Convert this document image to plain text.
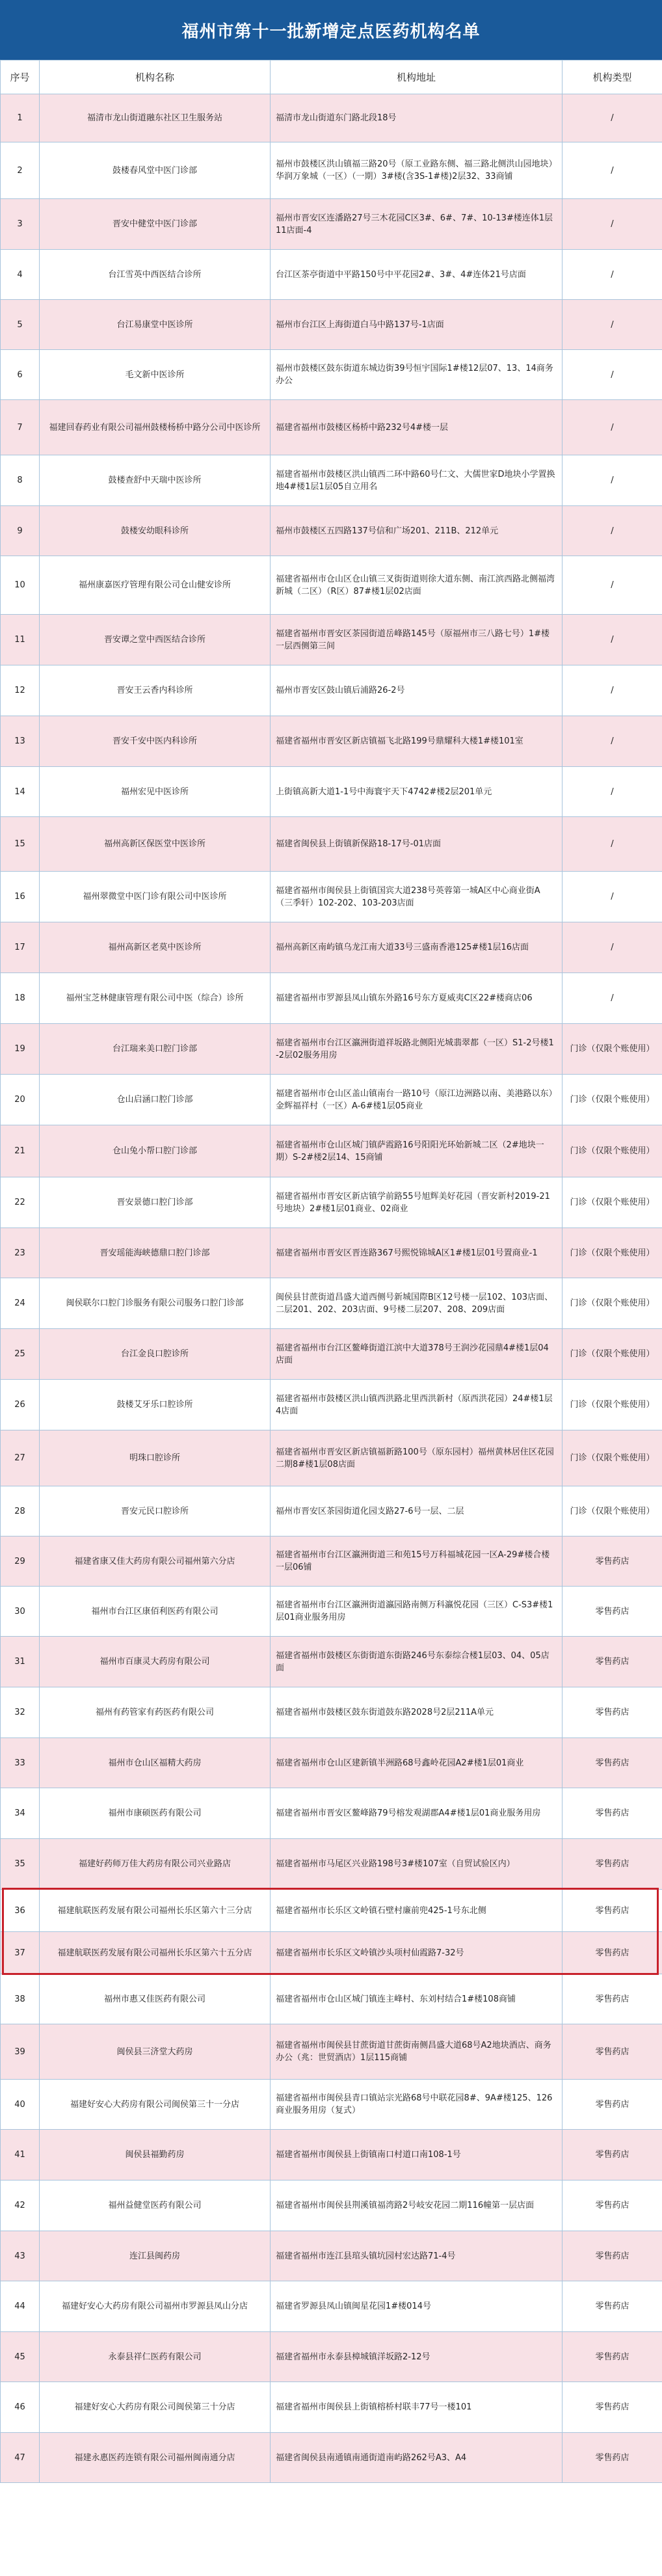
福州市第十一批新增定点医药机构名单
序号	机构名称	机构地址	机构类型
1	福清市龙山街道融东社区卫生服务站	福清市龙山街道东门路北段18号	/
2	鼓楼春风堂中医门诊部	福州市鼓楼区洪山镇福三路20号（原工业路东侧、福三路北侧洪山园地块）华润万象城（一区）（一期）3#楼(含3S-1#楼)2层32、33商铺	/
3	晋安中健堂中医门诊部	福州市晋安区连潘路27号三木花园C区3#、6#、7#、10-13#楼连体1层11店面-4	/
4	台江雪英中西医结合诊所	台江区茶亭街道中平路150号中平花园2#、3#、4#连体21号店面	/
5	台江易康堂中医诊所	福州市台江区上海街道白马中路137号-1店面	/
6	毛文新中医诊所	福州市鼓楼区鼓东街道东城边街39号恒宇国际1#楼12层07、13、14商务办公	/
7	福建回春药业有限公司福州鼓楼杨桥中路分公司中医诊所	福建省福州市鼓楼区杨桥中路232号4#楼一层	/
8	鼓楼查舒中天瑞中医诊所	福建省福州市鼓楼区洪山镇西二环中路60号仁文、大儒世家D地块小学置换地4#楼1层1层05自立用名	/
9	鼓楼安幼眼科诊所	福州市鼓楼区五四路137号信和广场201、211B、212单元	/
10	福州康嘉医疗管理有限公司仓山健安诊所	福建省福州市仓山区仓山镇三叉街街道则徐大道东侧、南江滨西路北侧福湾新城（二区）（R区）87#楼1层02店面	/
11	晋安谭之堂中西医结合诊所	福建省福州市晋安区茶园街道岳峰路145号（原福州市三八路七号）1#楼一层西侧第三间	/
12	晋安王云香内科诊所	福州市晋安区鼓山镇后浦路26-2号	/
13	晋安千安中医内科诊所	福建省福州市晋安区新店镇福飞北路199号鼎耀科大楼1#楼101室	/
14	福州宏见中医诊所	上街镇高新大道1-1号中海寰宇天下4742#楼2层201单元	/
15	福州高新区保医堂中医诊所	福建省闽侯县上街镇新保路18-17号-01店面	/
16	福州翠微堂中医门诊有限公司中医诊所	福建省福州市闽侯县上街镇国宾大道238号英蓉第一城A区中心商业街A（三季轩）102-202、103-203店面	/
17	福州高新区老莫中医诊所	福州高新区南屿镇乌龙江南大道33号三盛南香港125#楼1层16店面	/
18	福州宝芝林健康管理有限公司中医（综合）诊所	福建省福州市罗源县凤山镇东外路16号东方夏威夷C区22#楼商店06	/
19	台江瑞来美口腔门诊部	福建省福州市台江区瀛洲街道祥坂路北侧阳光城翡翠都（一区）S1-2号楼1-2层02服务用房	门诊（仅限个账使用）
20	仓山启涵口腔门诊部	福建省福州市仓山区盖山镇南台一路10号（原江边洲路以南、美港路以东）金辉福祥村（一区）A-6#楼1层05商业	门诊（仅限个账使用）
21	仓山兔小帮口腔门诊部	福建省福州市仓山区城门镇萨霞路16号阳阳光环始新城二区（2#地块一期）S-2#楼2层14、15商铺	门诊（仅限个账使用）
22	晋安景德口腔门诊部	福建省福州市晋安区新店镇学前路55号旭辉美好花园（晋安新村2019-21号地块）2#楼1层01商业、02商业	门诊（仅限个账使用）
23	晋安瑶能海峡德鼎口腔门诊部	福建省福州市晋安区晋连路367号熙悦锦城A区1#楼1层01号置商业-1	门诊（仅限个账使用）
24	闽侯联尔口腔门诊服务有限公司服务口腔门诊部	闽侯县甘蔗街道昌盛大道西侧号新城国際B区12号楼一层102、103店面、二层201、202、203店面、9号楼二层207、208、209店面	门诊（仅限个账使用）
25	台江金良口腔诊所	福建省福州市台江区鳌峰街道江滨中大道378号王润沙花园鼎4#楼1层04店面	门诊（仅限个账使用）
26	鼓楼艾牙乐口腔诊所	福建省福州市鼓楼区洪山镇西洪路北里西洪新村（原西洪花园）24#楼1层4店面	门诊（仅限个账使用）
27	明珠口腔诊所	福建省福州市晋安区新店镇福新路100号（原东园村）福州黄林居住区花园二期8#楼1层08店面	门诊（仅限个账使用）
28	晋安元民口腔诊所	福州市晋安区茶园街道化园支路27-6号一层、二层	门诊（仅限个账使用）
29	福建省康又佳大药房有限公司福州第六分店	福建省福州市台江区瀛洲街道三和苑15号万科福城花园一区A-29#楼合楼一层06铺	零售药店
30	福州市台江区康佰利医药有限公司	福建省福州市台江区瀛洲街道瀛园路南侧万科瀛悦花园（三区）C-S3#楼1层01商业服务用房	零售药店
31	福州市百康灵大药房有限公司	福建省福州市鼓楼区东街街道东街路246号东泰综合楼1层03、04、05店面	零售药店
32	福州有药管家有药医药有限公司	福建省福州市鼓楼区鼓东街道鼓东路2028号2层211A单元	零售药店
33	福州市仓山区福精大药房	福建省福州市仓山区建新镇半洲路68号鑫岭花园A2#楼1层01商业	零售药店
34	福州市康硕医药有限公司	福建省福州市晋安区鳌峰路79号榕发观湖郡A4#楼1层01商业服务用房	零售药店
35	福建好药师万佳大药房有限公司兴业路店	福建省福州市马尾区兴业路198号3#楼107室（自贸试验区内）	零售药店
36	福建航联医药发展有限公司福州长乐区第六十三分店	福建省福州市长乐区文岭镇石壁村廉前兜425-1号东北侧	零售药店
37	福建航联医药发展有限公司福州长乐区第六十五分店	福建省福州市长乐区文岭镇沙头项村仙霞路7-32号	零售药店
38	福州市惠又佳医药有限公司	福建省福州市仓山区城门镇连主峰村、东刘村结合1#楼108商铺	零售药店
39	闽侯县三济堂大药房	福建省福州市闽侯县甘蔗街道甘蔗街南侧昌盛大道68号A2地块酒店、商务办公（兆：世贸酒店）1层115商铺	零售药店
40	福建好安心大药房有限公司闽侯第三十一分店	福建省福州市闽侯县青口镇站宗光路68号中联花园8#、9A#楼125、126商业服务用房（复式）	零售药店
41	闽侯县福勤药房	福建省福州市闽侯县上街镇南口村道口南108-1号	零售药店
42	福州益健堂医药有限公司	福建省福州市闽侯县荆溪镇福湾路2号岐安花园二期116幢第一层店面	零售药店
43	连江县闽药房	福建省福州市连江县琯头镇坑园村宏达路71-4号	零售药店
44	福建好安心大药房有限公司福州市罗源县凤山分店	福建省罗源县凤山镇闽星花园1#楼014号	零售药店
45	永泰县祥仁医药有限公司	福建省福州市永泰县樟城镇洋坂路2-12号	零售药店
46	福建好安心大药房有限公司闽侯第三十分店	福建省福州市闽侯县上街镇榕桥村联丰77号一楼101	零售药店
47	福建永惠医药连锁有限公司福州闽南通分店	福建省闽侯县南通镇南通街道南屿路262号A3、A4	零售药店
